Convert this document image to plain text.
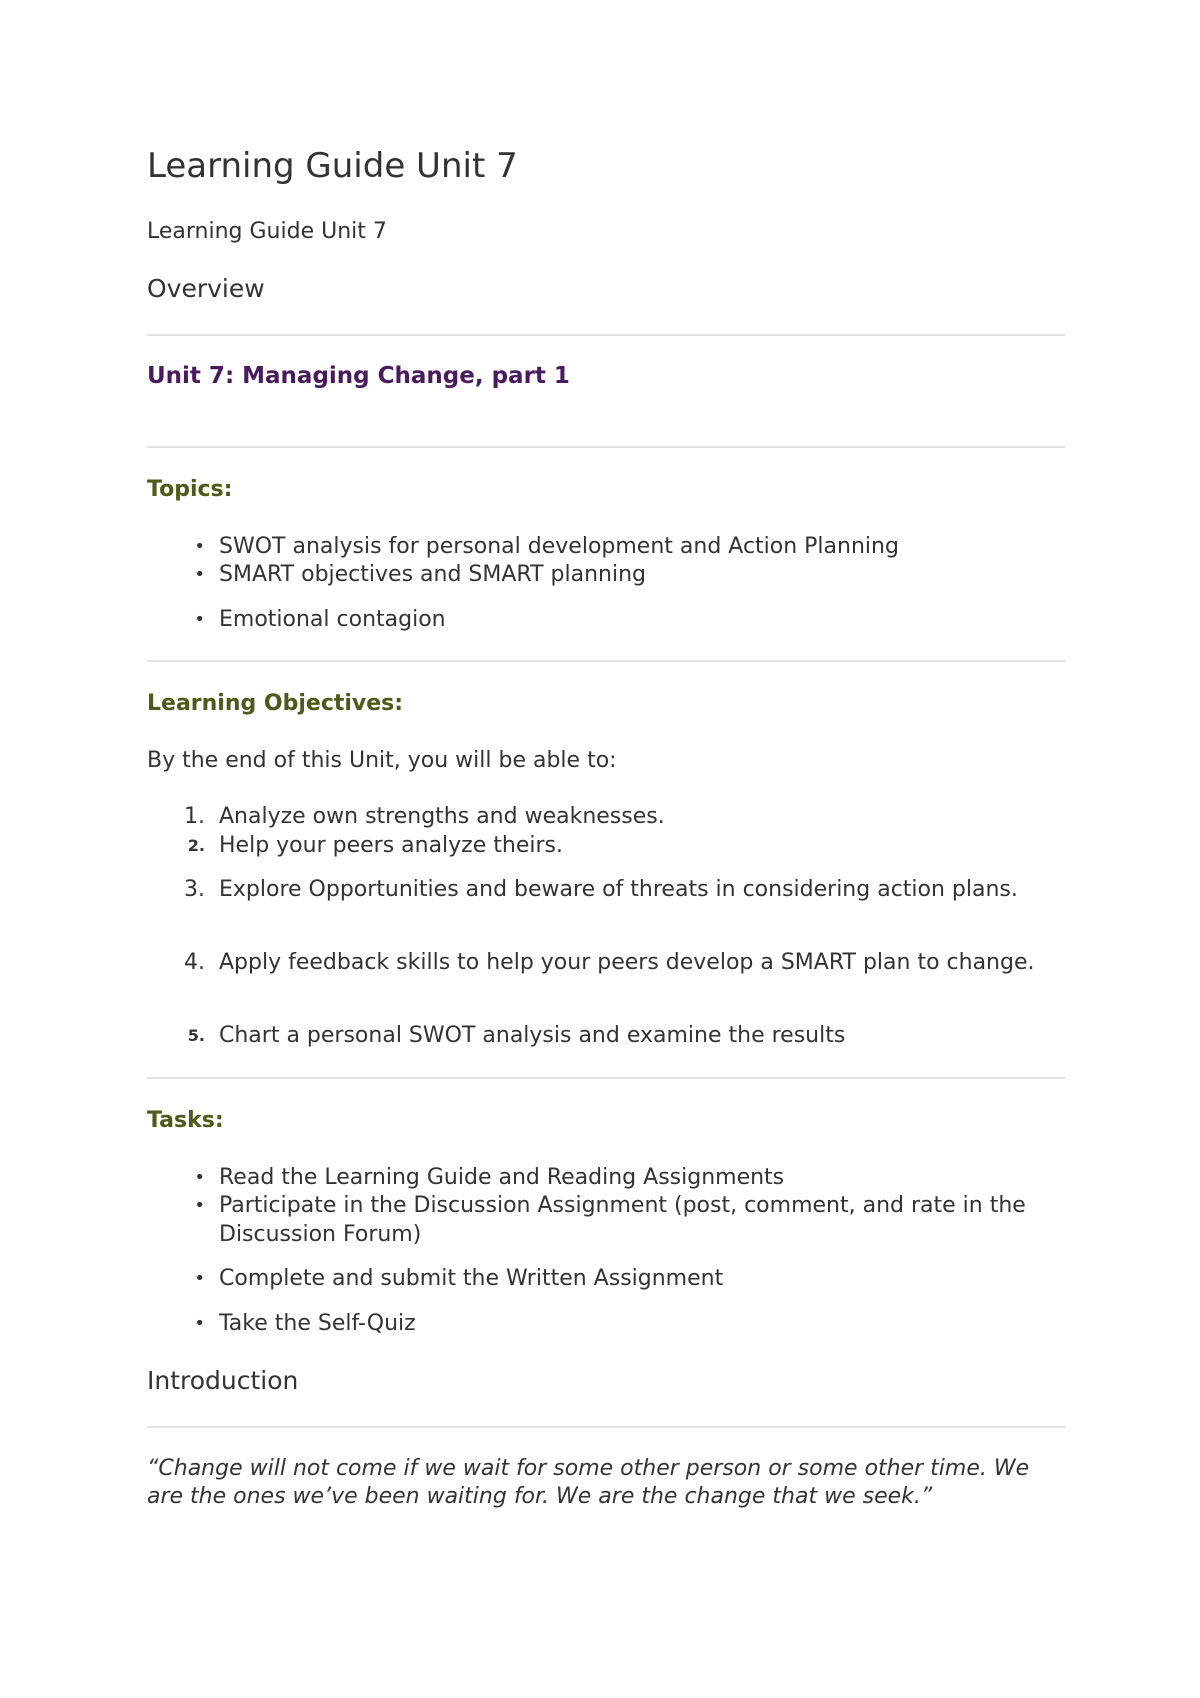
Learning Guide Unit 7
Learning Guide Unit 7
Overview
Unit 7: Managing Change, part 1
Topics:
• SWOT analysis for personal development and Action Planning
• SMART objectives and SMART planning
• Emotional contagion
Learning Objectives:
By the end of this Unit, you will be able to:
1. Analyze own strengths and weaknesses.
2. Help your peers analyze theirs.
3. Explore Opportunities and beware of threats in considering action plans.
4. Apply feedback skills to help your peers develop a SMART plan to change.
5. Chart a personal SWOT analysis and examine the results
Tasks:
• Read the Learning Guide and Reading Assignments
• Participate in the Discussion Assignment (post, comment, and rate in the Discussion Forum)
• Complete and submit the Written Assignment
• Take the Self-Quiz
Introduction
“Change will not come if we wait for some other person or some other time. We are the ones we’ve been waiting for. We are the change that we seek.”
